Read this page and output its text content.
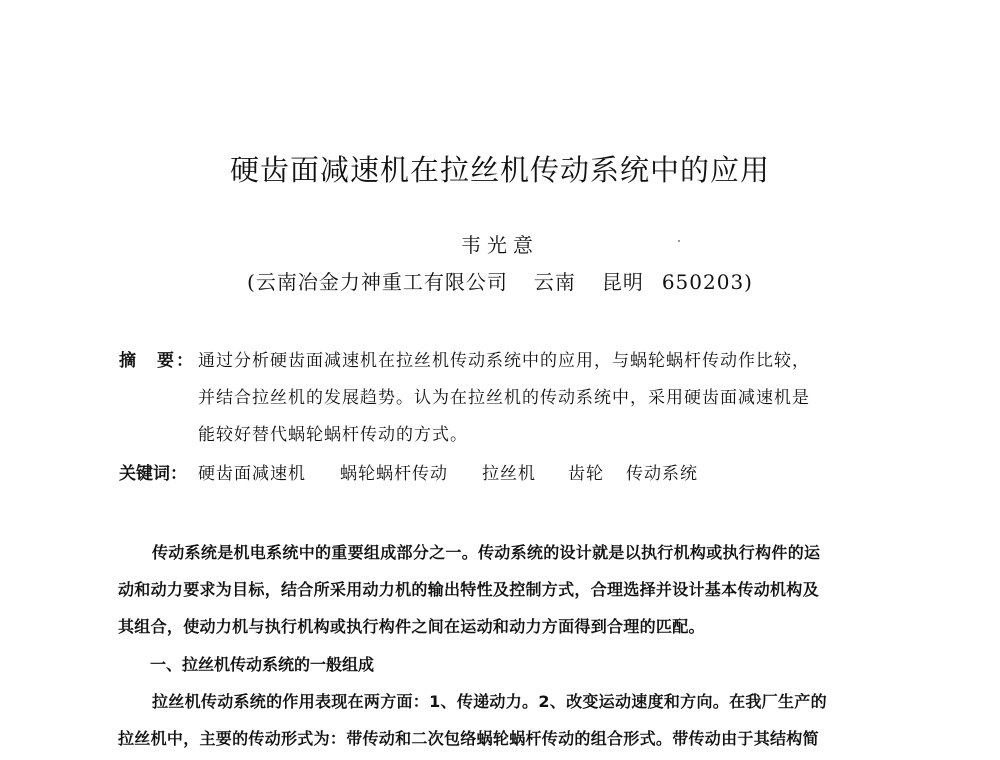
硬齿面减速机在拉丝机传动系统中的应用
韦光意
(云南冶金力神重工有限公司 云南 昆明 650203)
摘　要： 通过分析硬齿面减速机在拉丝机传动系统中的应用，与蜗轮蜗杆传动作比较，
并结合拉丝机的发展趋势。认为在拉丝机的传动系统中，采用硬齿面减速机是
能较好替代蜗轮蜗杆传动的方式。
关键词： 硬齿面减速机 蜗轮蜗杆传动 拉丝机 齿轮 传动系统
传动系统是机电系统中的重要组成部分之一。传动系统的设计就是以执行机构或执行构件的运
动和动力要求为目标，结合所采用动力机的输出特性及控制方式，合理选择并设计基本传动机构及
其组合，使动力机与执行机构或执行构件之间在运动和动力方面得到合理的匹配。
一、拉丝机传动系统的一般组成
拉丝机传动系统的作用表现在两方面：1、传递动力。2、改变运动速度和方向。在我厂生产的
拉丝机中，主要的传动形式为：带传动和二次包络蜗轮蜗杆传动的组合形式。带传动由于其结构简
